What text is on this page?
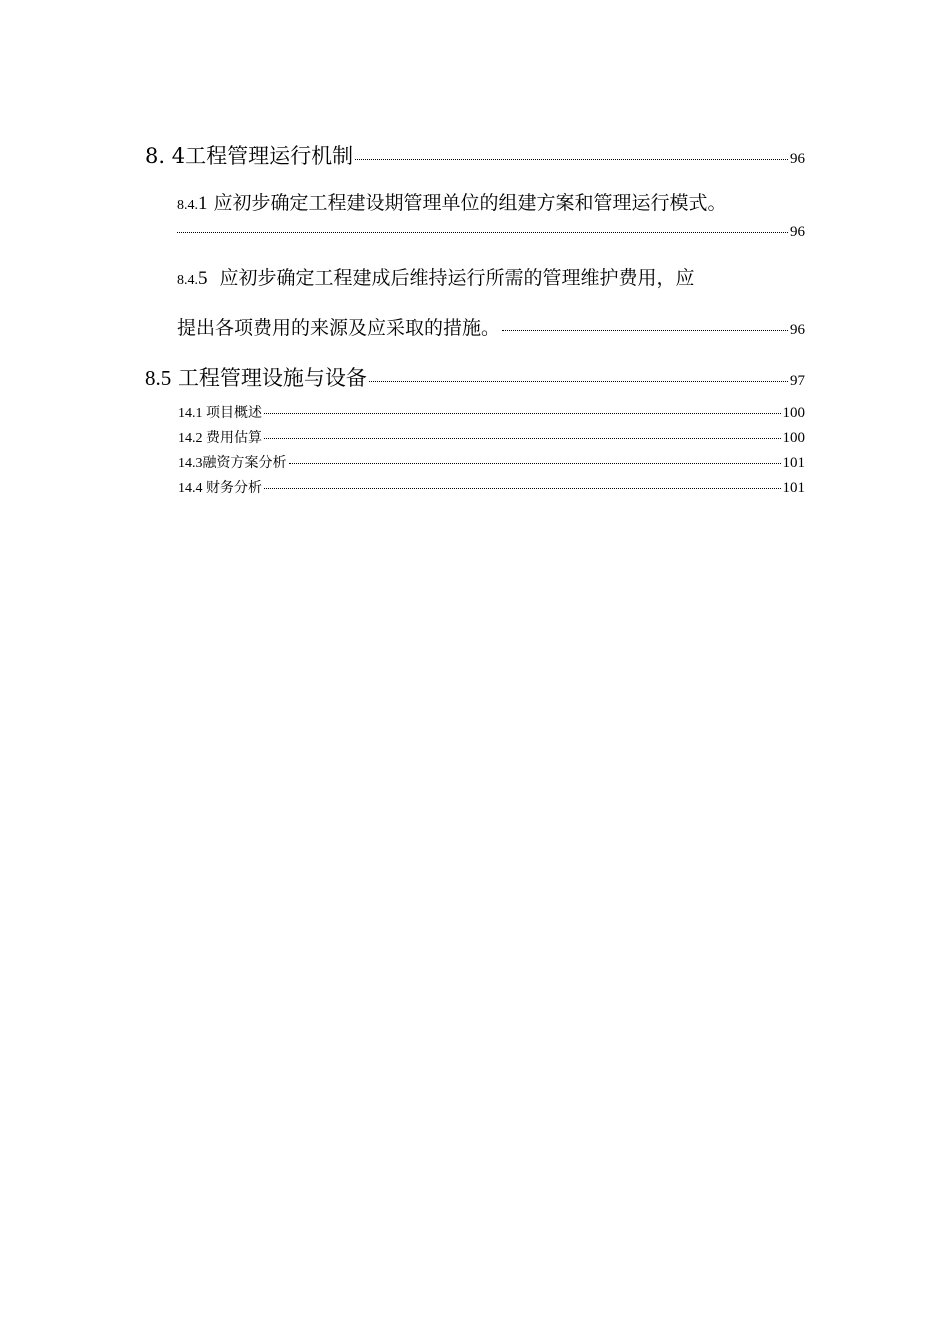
8. 4工程管理运行机制	96
8.4.1 应初步确定工程建设期管理单位的组建方案和管理运行模式。
96
8.4.5 应初步确定工程建成后维持运行所需的管理维护费用，应
提出各项费用的来源及应采取的措施。	96
8.5 工程管理设施与设备	97
14.1 项目概述	100
14.2 费用估算	100
14.3融资方案分析	101
14.4 财务分析	101
